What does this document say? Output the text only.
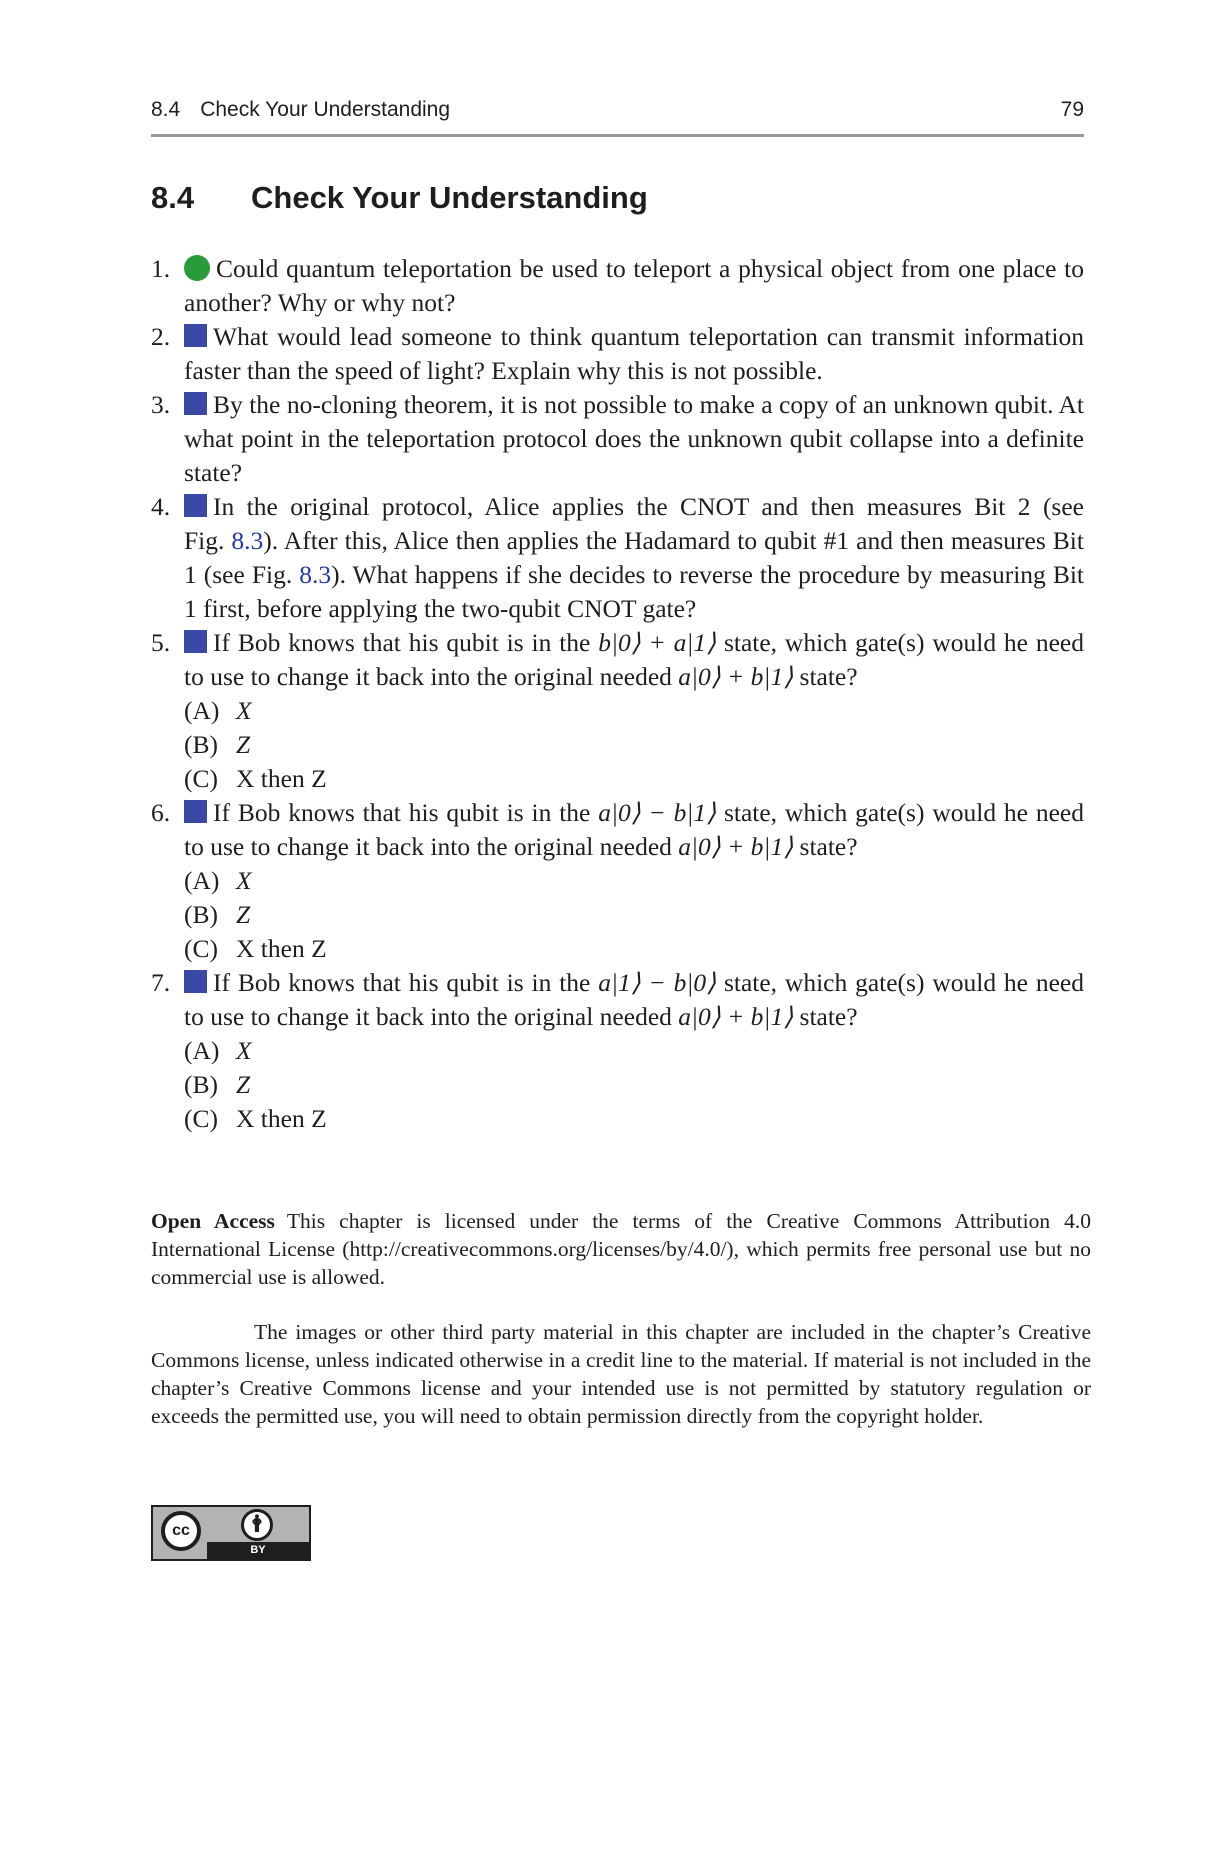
8.4 Check Your Understanding	79
8.4	Check Your Understanding
1.	Could quantum teleportation be used to teleport a physical object from one place to another? Why or why not?
2.	What would lead someone to think quantum teleportation can transmit information faster than the speed of light? Explain why this is not possible.
3.	By the no-cloning theorem, it is not possible to make a copy of an unknown qubit. At what point in the teleportation protocol does the unknown qubit collapse into a definite state?
4.	In the original protocol, Alice applies the CNOT and then measures Bit 2 (see Fig. 8.3). After this, Alice then applies the Hadamard to qubit #1 and then measures Bit 1 (see Fig. 8.3). What happens if she decides to reverse the procedure by measuring Bit 1 first, before applying the two-qubit CNOT gate?
5.	If Bob knows that his qubit is in the b|0⟩ + a|1⟩ state, which gate(s) would he need to use to change it back into the original needed a|0⟩ + b|1⟩ state?
(A) X
(B) Z
(C) X then Z
6.	If Bob knows that his qubit is in the a|0⟩ − b|1⟩ state, which gate(s) would he need to use to change it back into the original needed a|0⟩ + b|1⟩ state?
(A) X
(B) Z
(C) X then Z
7.	If Bob knows that his qubit is in the a|1⟩ − b|0⟩ state, which gate(s) would he need to use to change it back into the original needed a|0⟩ + b|1⟩ state?
(A) X
(B) Z
(C) X then Z

Open Access This chapter is licensed under the terms of the Creative Commons Attribution 4.0 International License (http://creativecommons.org/licenses/by/4.0/), which permits free personal use but no commercial use is allowed.

The images or other third party material in this chapter are included in the chapter’s Creative Commons license, unless indicated otherwise in a credit line to the material. If material is not included in the chapter’s Creative Commons license and your intended use is not permitted by statutory regulation or exceeds the permitted use, you will need to obtain permission directly from the copyright holder.

cc	🛉
BY
